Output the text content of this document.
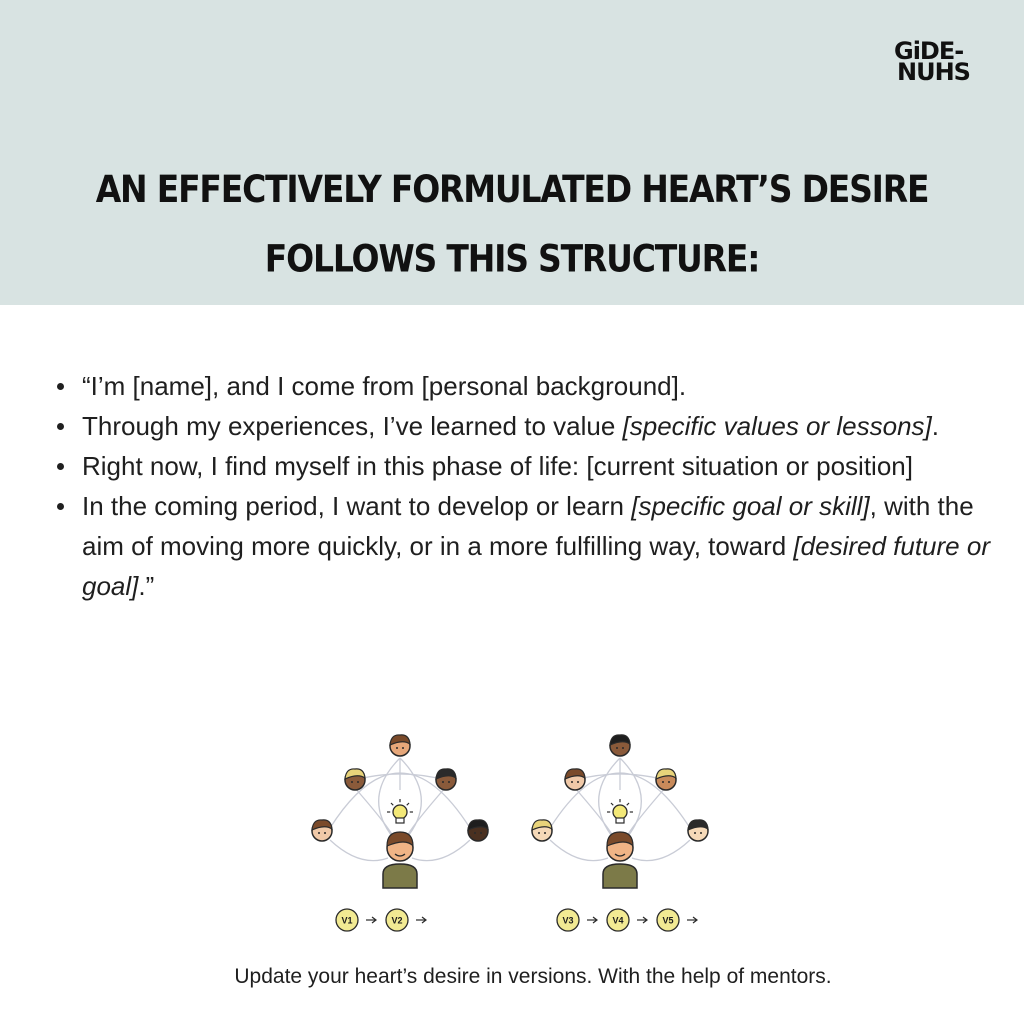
GiDE-
NUHS
AN EFFECTIVELY FORMULATED HEART’S DESIRE
FOLLOWS THIS STRUCTURE:
“I’m [name], and I come from [personal background].
Through my experiences, I’ve learned to value [specific values or lessons].
Right now, I find myself in this phase of life: [current situation or position]
In the coming period, I want to develop or learn [specific goal or skill], with the aim of moving more quickly, or in a more fulfilling way, toward [desired future or goal].”
V1	V2	V3	V4	V5
Update your heart’s desire in versions. With the help of mentors.
